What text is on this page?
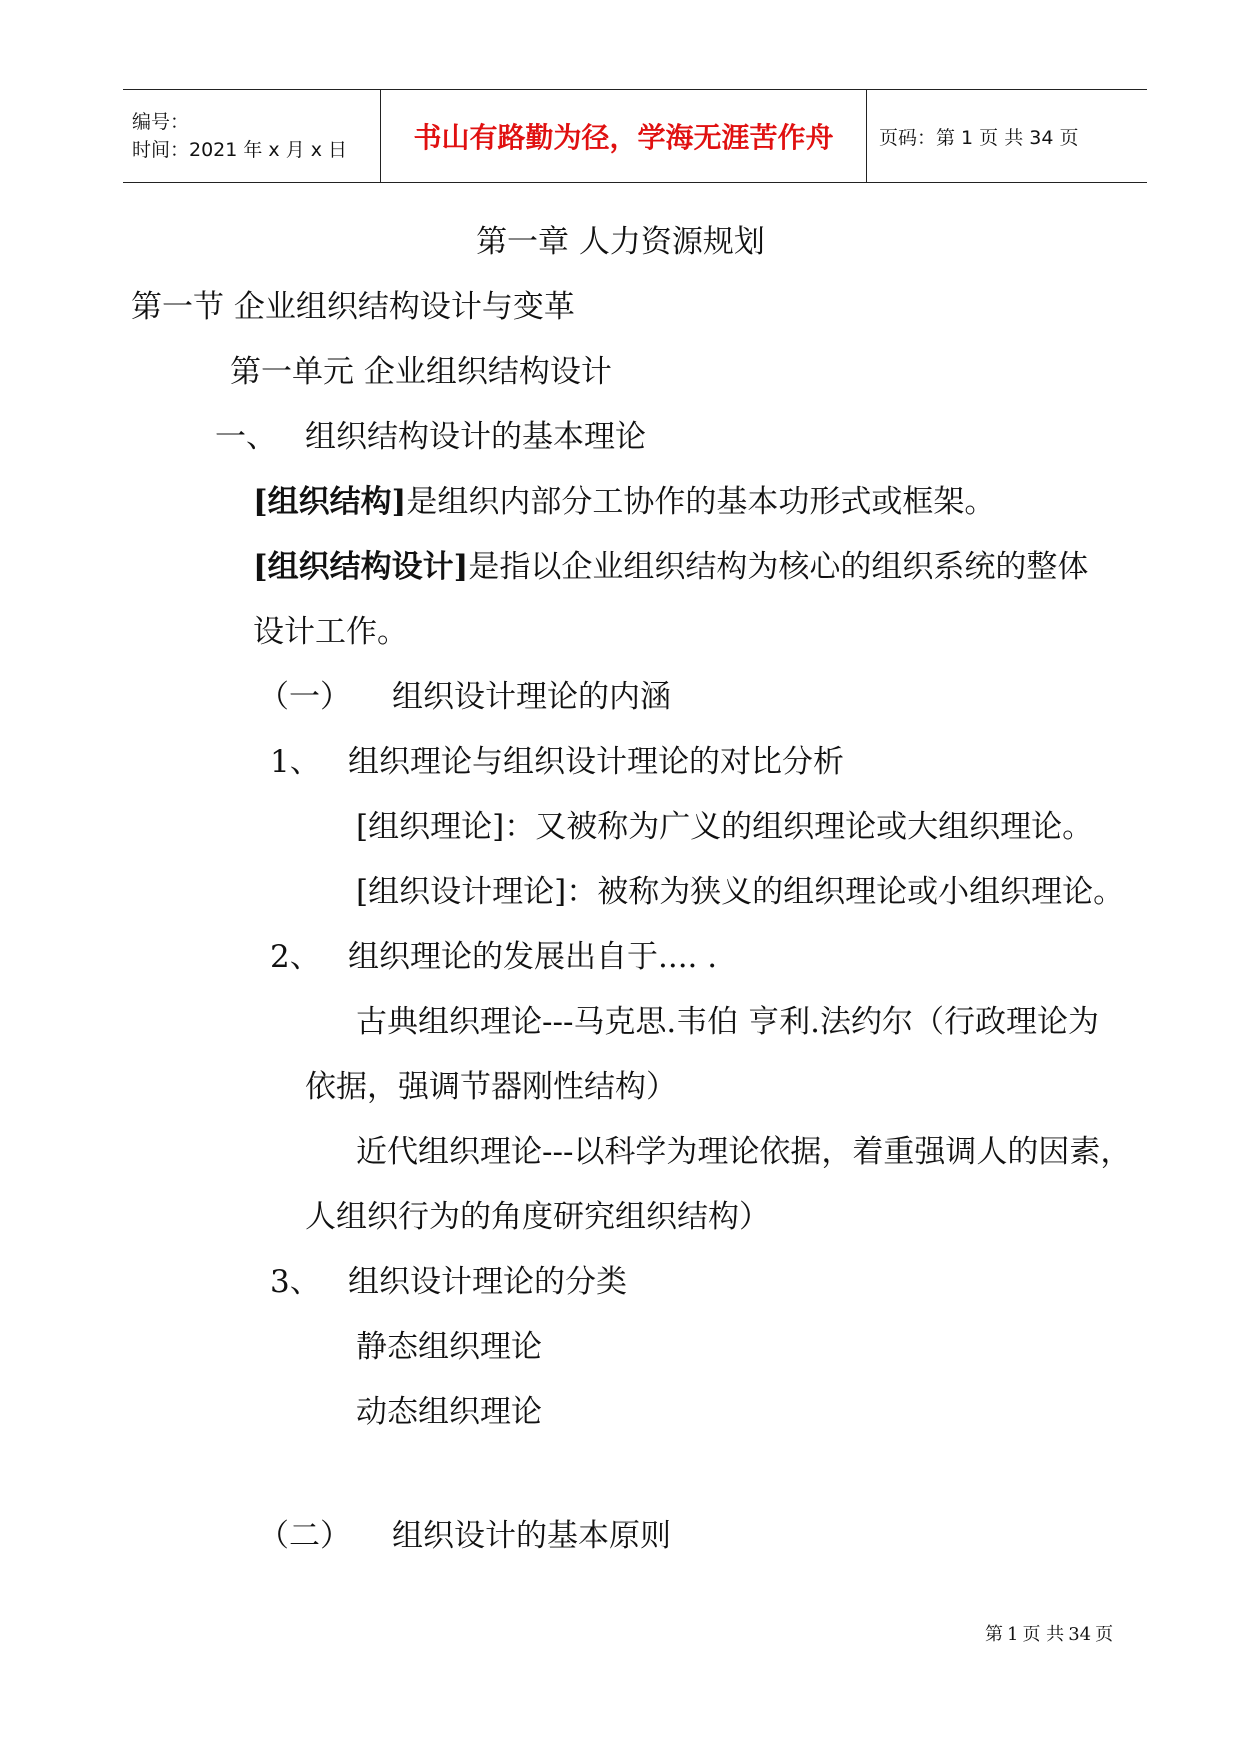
编号：
时间：2021 年 x 月 x 日	书山有路勤为径，学海无涯苦作舟 页码：第 1 页 共 34 页
第一章 人力资源规划
第一节 企业组织结构设计与变革
第一单元 企业组织结构设计
一、 组织结构设计的基本理论
[组织结构]是组织内部分工协作的基本功形式或框架。
[组织结构设计]是指以企业组织结构为核心的组织系统的整体
设计工作。
（一） 组织设计理论的内涵
1、 组织理论与组织设计理论的对比分析
[组织理论]：又被称为广义的组织理论或大组织理论。
[组织设计理论]：被称为狭义的组织理论或小组织理论。
2、 组织理论的发展出自于.... .
古典组织理论---马克思.韦伯 亨利.法约尔（行政理论为
依据，强调节器刚性结构）
近代组织理论---以科学为理论依据，着重强调人的因素，
人组织行为的角度研究组织结构）
3、 组织设计理论的分类
静态组织理论
动态组织理论
（二） 组织设计的基本原则
第 1 页 共 34 页
